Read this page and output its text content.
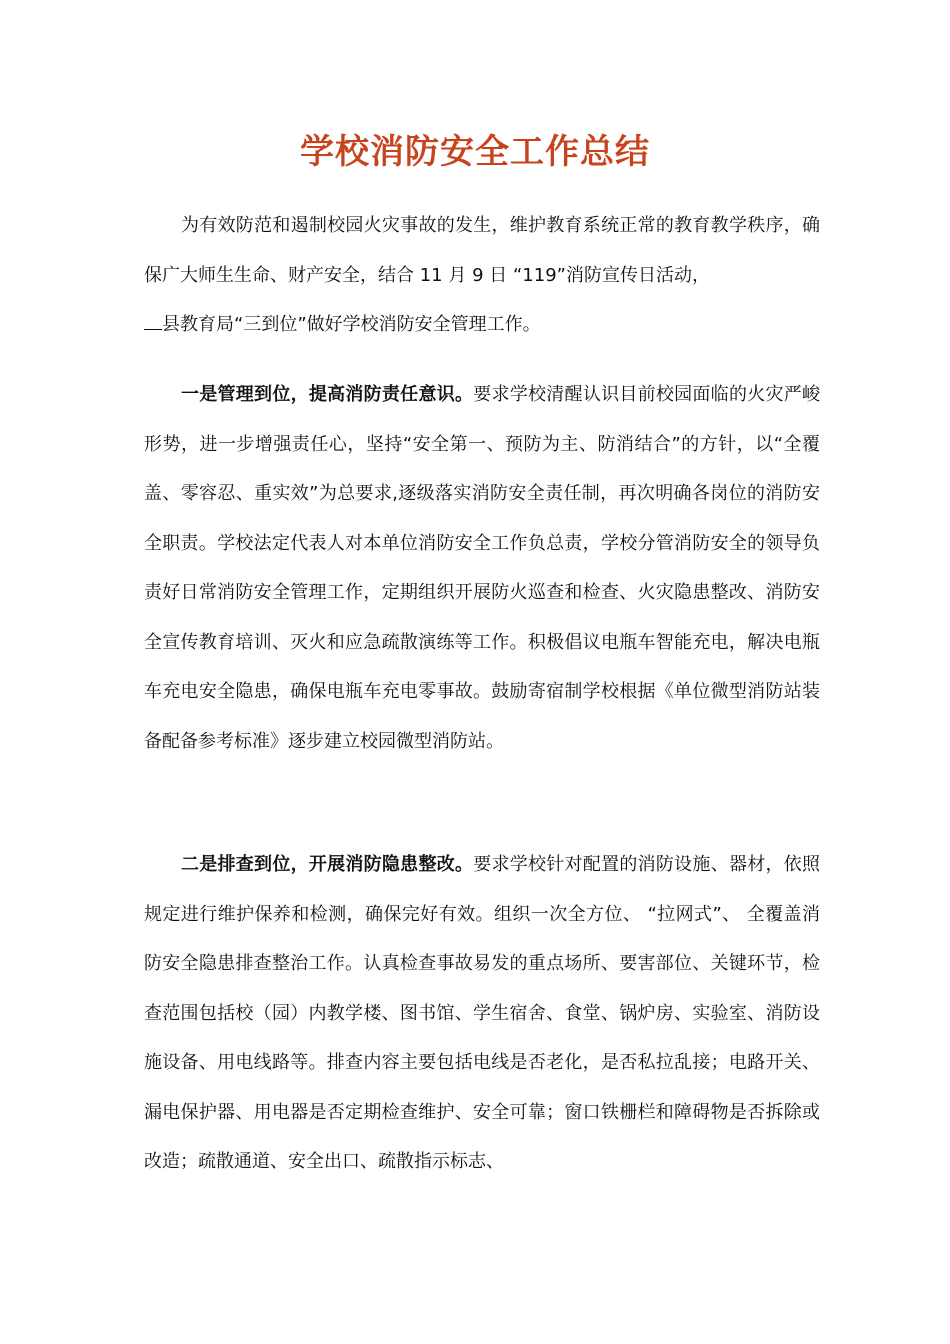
学校消防安全工作总结

为有效防范和遏制校园火灾事故的发生，维护教育系统正常的教育教学秩序，确保广大师生生命、财产安全，结合 11 月 9 日 “119”消防宣传日活动，
县教育局“三到位”做好学校消防安全管理工作。

一是管理到位，提高消防责任意识。要求学校清醒认识目前校园面临的火灾严峻形势，进一步增强责任心，坚持“安全第一、预防为主、防消结合”的方针，以“全覆盖、零容忍、重实效”为总要求,逐级落实消防安全责任制，再次明确各岗位的消防安全职责。学校法定代表人对本单位消防安全工作负总责，学校分管消防安全的领导负责好日常消防安全管理工作，定期组织开展防火巡查和检查、火灾隐患整改、消防安全宣传教育培训、灭火和应急疏散演练等工作。积极倡议电瓶车智能充电，解决电瓶车充电安全隐患，确保电瓶车充电零事故。鼓励寄宿制学校根据《单位微型消防站装备配备参考标准》逐步建立校园微型消防站。

二是排查到位，开展消防隐患整改。要求学校针对配置的消防设施、器材，依照规定进行维护保养和检测，确保完好有效。组织一次全方位、 “拉网式”、 全覆盖消防安全隐患排查整治工作。认真检查事故易发的重点场所、要害部位、关键环节，检查范围包括校（园）内教学楼、图书馆、学生宿舍、食堂、锅炉房、实验室、消防设施设备、用电线路等。排查内容主要包括电线是否老化，是否私拉乱接；电路开关、漏电保护器、用电器是否定期检查维护、安全可靠；窗口铁栅栏和障碍物是否拆除或改造；疏散通道、安全出口、疏散指示标志、
